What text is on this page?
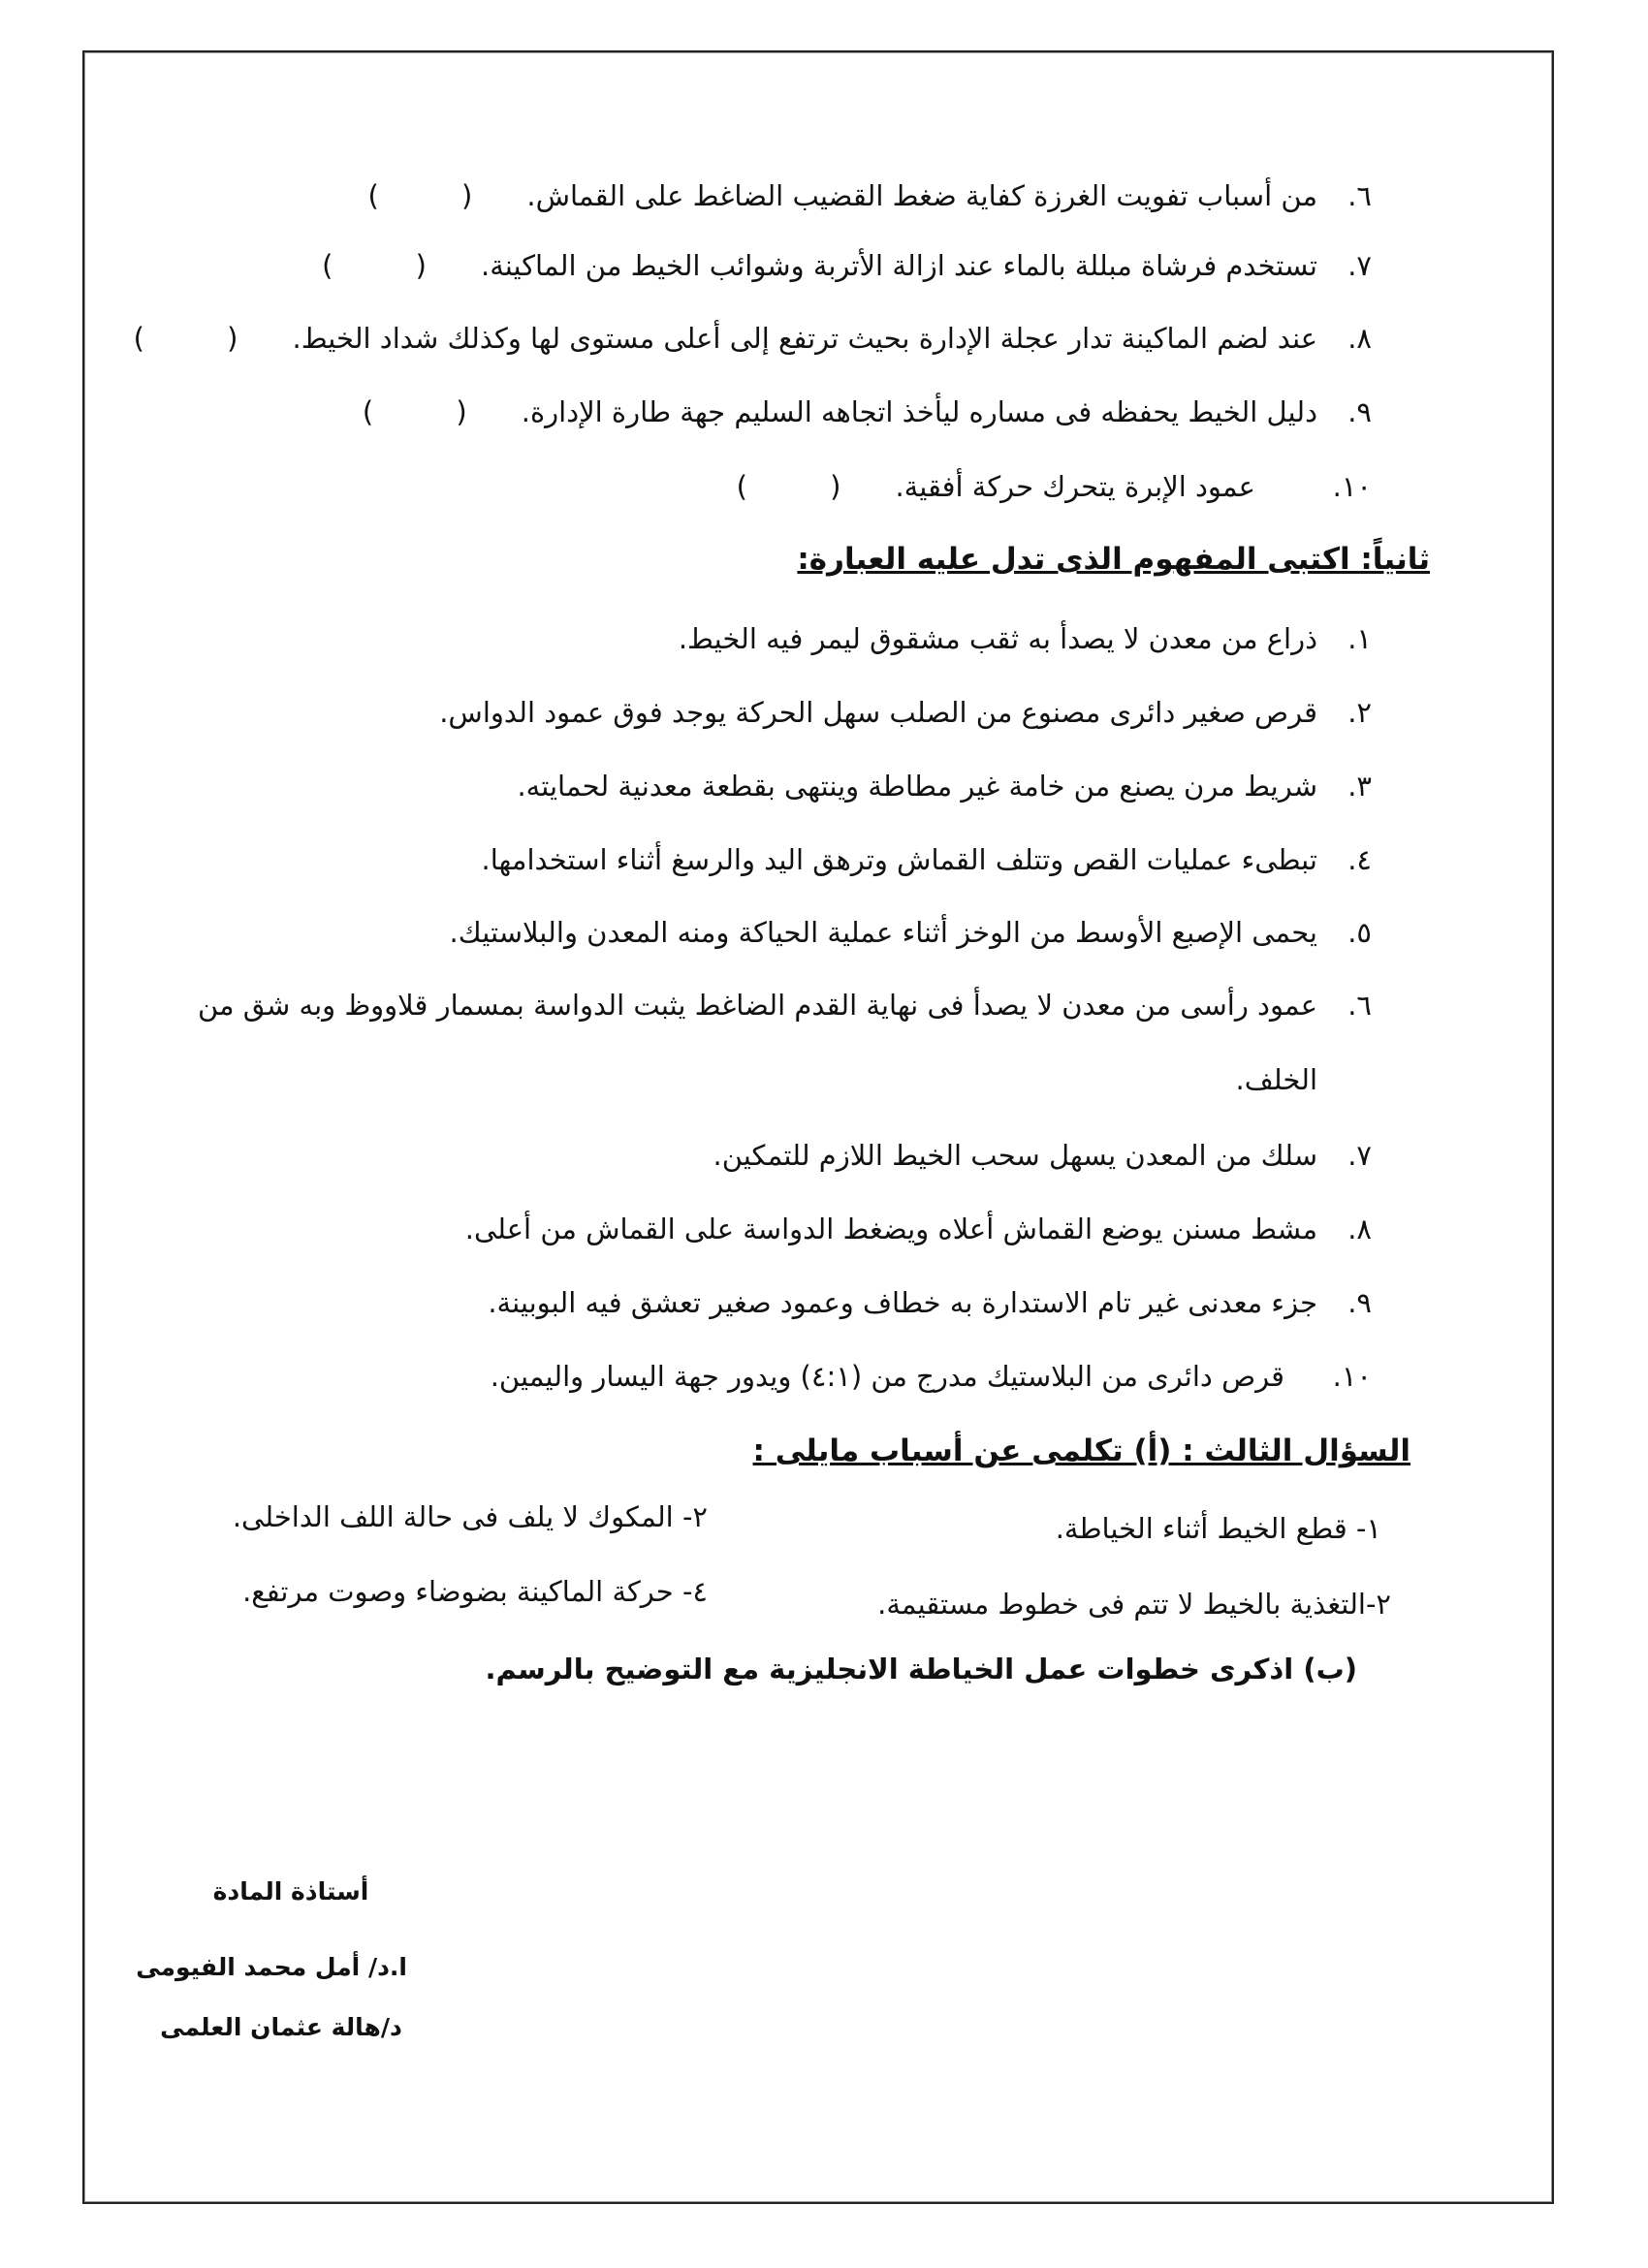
٦.من أسباب تفويت الغرزة كفاية ضغط القضيب الضاغط على القماش.( )
٧.تستخدم فرشاة مبللة بالماء عند ازالة الأتربة وشوائب الخيط من الماكينة.( )
٨.عند لضم الماكينة تدار عجلة الإدارة بحيث ترتفع إلى أعلى مستوى لها وكذلك شداد الخيط.( )
٩.دليل الخيط يحفظه فى مساره ليأخذ اتجاهه السليم جهة طارة الإدارة.( )
١٠.عمود الإبرة يتحرك حركة أفقية.( )
ثانياً: اكتبى المفهوم الذى تدل عليه العبارة:
١.ذراع من معدن لا يصدأ به ثقب مشقوق ليمر فيه الخيط.
٢.قرص صغير دائرى مصنوع من الصلب سهل الحركة يوجد فوق عمود الدواس.
٣.شريط مرن يصنع من خامة غير مطاطة وينتهى بقطعة معدنية لحمايته.
٤.تبطىء عمليات القص وتتلف القماش وترهق اليد والرسغ أثناء استخدامها.
٥.يحمى الإصبع الأوسط من الوخز أثناء عملية الحياكة ومنه المعدن والبلاستيك.
٦.عمود رأسى من معدن لا يصدأ فى نهاية القدم الضاغط يثبت الدواسة بمسمار قلاووظ وبه شق من
الخلف.
٧.سلك من المعدن يسهل سحب الخيط اللازم للتمكين.
٨.مشط مسنن يوضع القماش أعلاه ويضغط الدواسة على القماش من أعلى.
٩.جزء معدنى غير تام الاستدارة به خطاف وعمود صغير تعشق فيه البوبينة.
١٠.قرص دائرى من البلاستيك مدرج من (٤:١) ويدور جهة اليسار واليمين.
السؤال الثالث : (أ) تكلمى عن أسباب مايلى :
١- قطع الخيط أثناء الخياطة.
٢- المكوك لا يلف فى حالة اللف الداخلى.
٢-التغذية بالخيط لا تتم فى خطوط مستقيمة.
٤- حركة الماكينة بضوضاء وصوت مرتفع.
(ب) اذكرى خطوات عمل الخياطة الانجليزية مع التوضيح بالرسم.
أستاذة المادة
ا.د/ أمل محمد الفيومى
د/هالة عثمان العلمى
